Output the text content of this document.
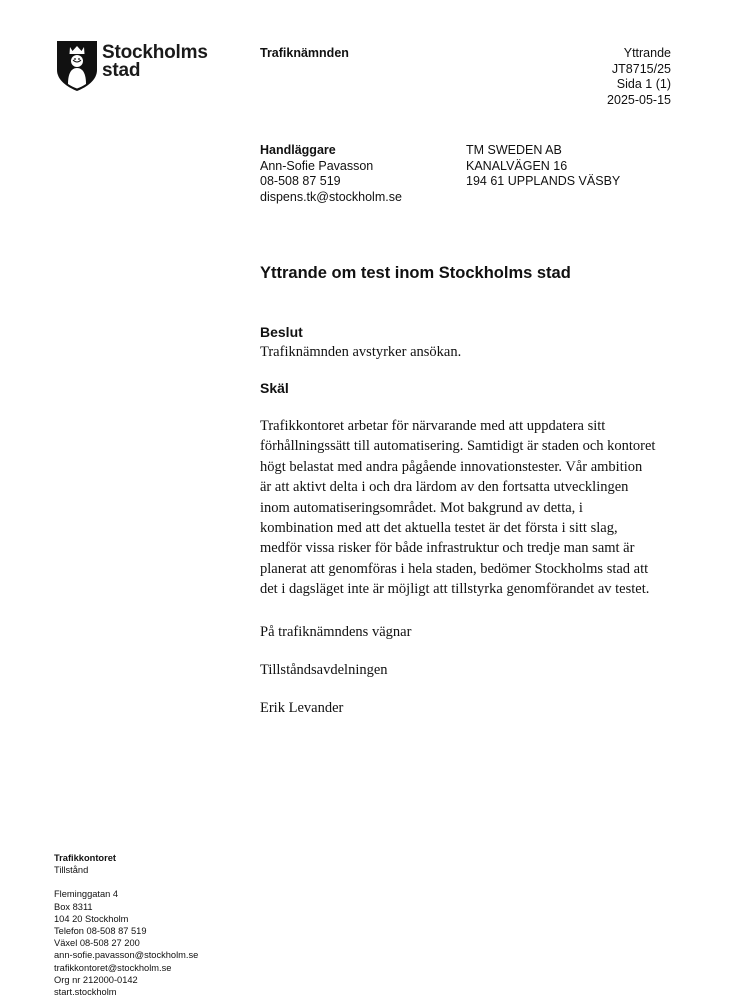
Stockholms
stad
Trafiknämnden	Yttrande
JT8715/25
Sida 1 (1)
2025-05-15
Handläggare
Ann-Sofie Pavasson
08-508 87 519
dispens.tk@stockholm.se
TM SWEDEN AB
KANALVÄGEN 16
194 61 UPPLANDS VÄSBY
Yttrande om test inom Stockholms stad
Beslut
Trafiknämnden avstyrker ansökan.
Skäl
Trafikkontoret arbetar för närvarande med att uppdatera sitt
förhållningssätt till automatisering. Samtidigt är staden och kontoret
högt belastat med andra pågående innovationstester. Vår ambition
är att aktivt delta i och dra lärdom av den fortsatta utvecklingen
inom automatiseringsområdet. Mot bakgrund av detta, i
kombination med att det aktuella testet är det första i sitt slag,
medför vissa risker för både infrastruktur och tredje man samt är
planerat att genomföras i hela staden, bedömer Stockholms stad att
det i dagsläget inte är möjligt att tillstyrka genomförandet av testet.
På trafiknämndens vägnar
Tillståndsavdelningen
Erik Levander
Trafikkontoret
Tillstånd
Fleminggatan 4
Box 8311
104 20 Stockholm
Telefon 08-508 87 519
Växel 08-508 27 200
ann-sofie.pavasson@stockholm.se
trafikkontoret@stockholm.se
Org nr 212000-0142
start.stockholm
